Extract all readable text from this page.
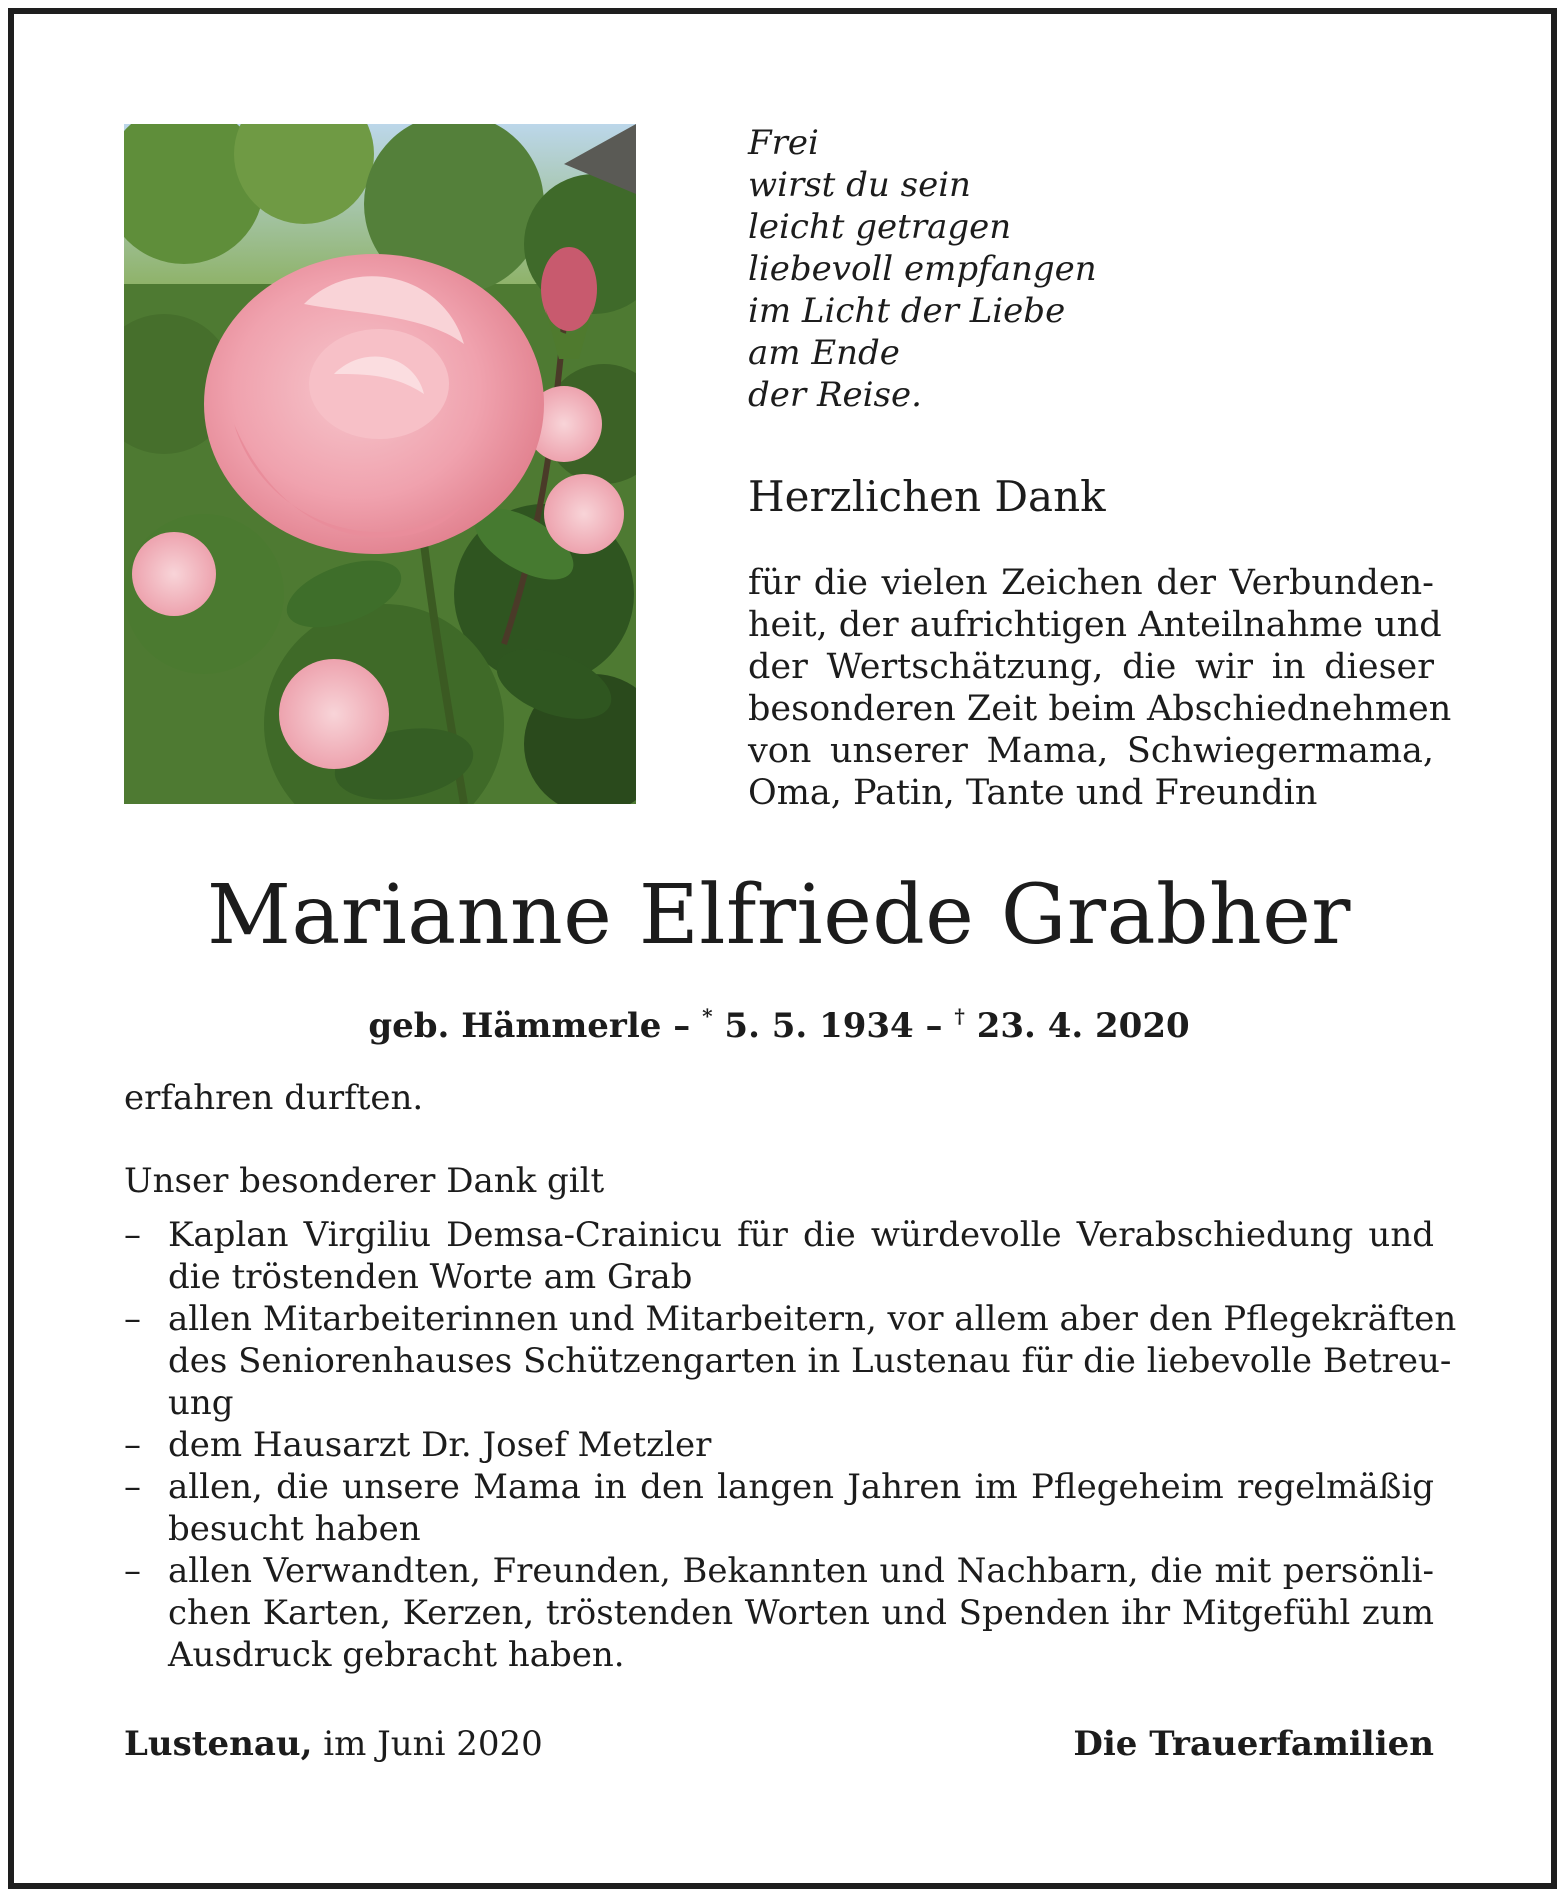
Frei
wirst du sein
leicht getragen
liebevoll empfangen
im Licht der Liebe
am Ende
der Reise.
Herzlichen Dank
für die vielen Zeichen der Verbunden-
heit, der aufrichtigen Anteilnahme und
der Wertschätzung, die wir in dieser
besonderen Zeit beim Abschiednehmen
von unserer Mama, Schwiegermama,
Oma, Patin, Tante und Freundin
Marianne Elfriede Grabher
geb. Hämmerle – * 5. 5. 1934 – † 23. 4. 2020
erfahren durften.
Unser besonderer Dank gilt
– Kaplan Virgiliu Demsa-Crainicu für die würdevolle Verabschiedung und
die tröstenden Worte am Grab
– allen Mitarbeiterinnen und Mitarbeitern, vor allem aber den Pflegekräften
des Seniorenhauses Schützengarten in Lustenau für die liebevolle Betreu-
ung
– dem Hausarzt Dr. Josef Metzler
– allen, die unsere Mama in den langen Jahren im Pflegeheim regelmäßig
besucht haben
– allen Verwandten, Freunden, Bekannten und Nachbarn, die mit persönli-
chen Karten, Kerzen, tröstenden Worten und Spenden ihr Mitgefühl zum
Ausdruck gebracht haben.
Lustenau, im Juni 2020	Die Trauerfamilien
